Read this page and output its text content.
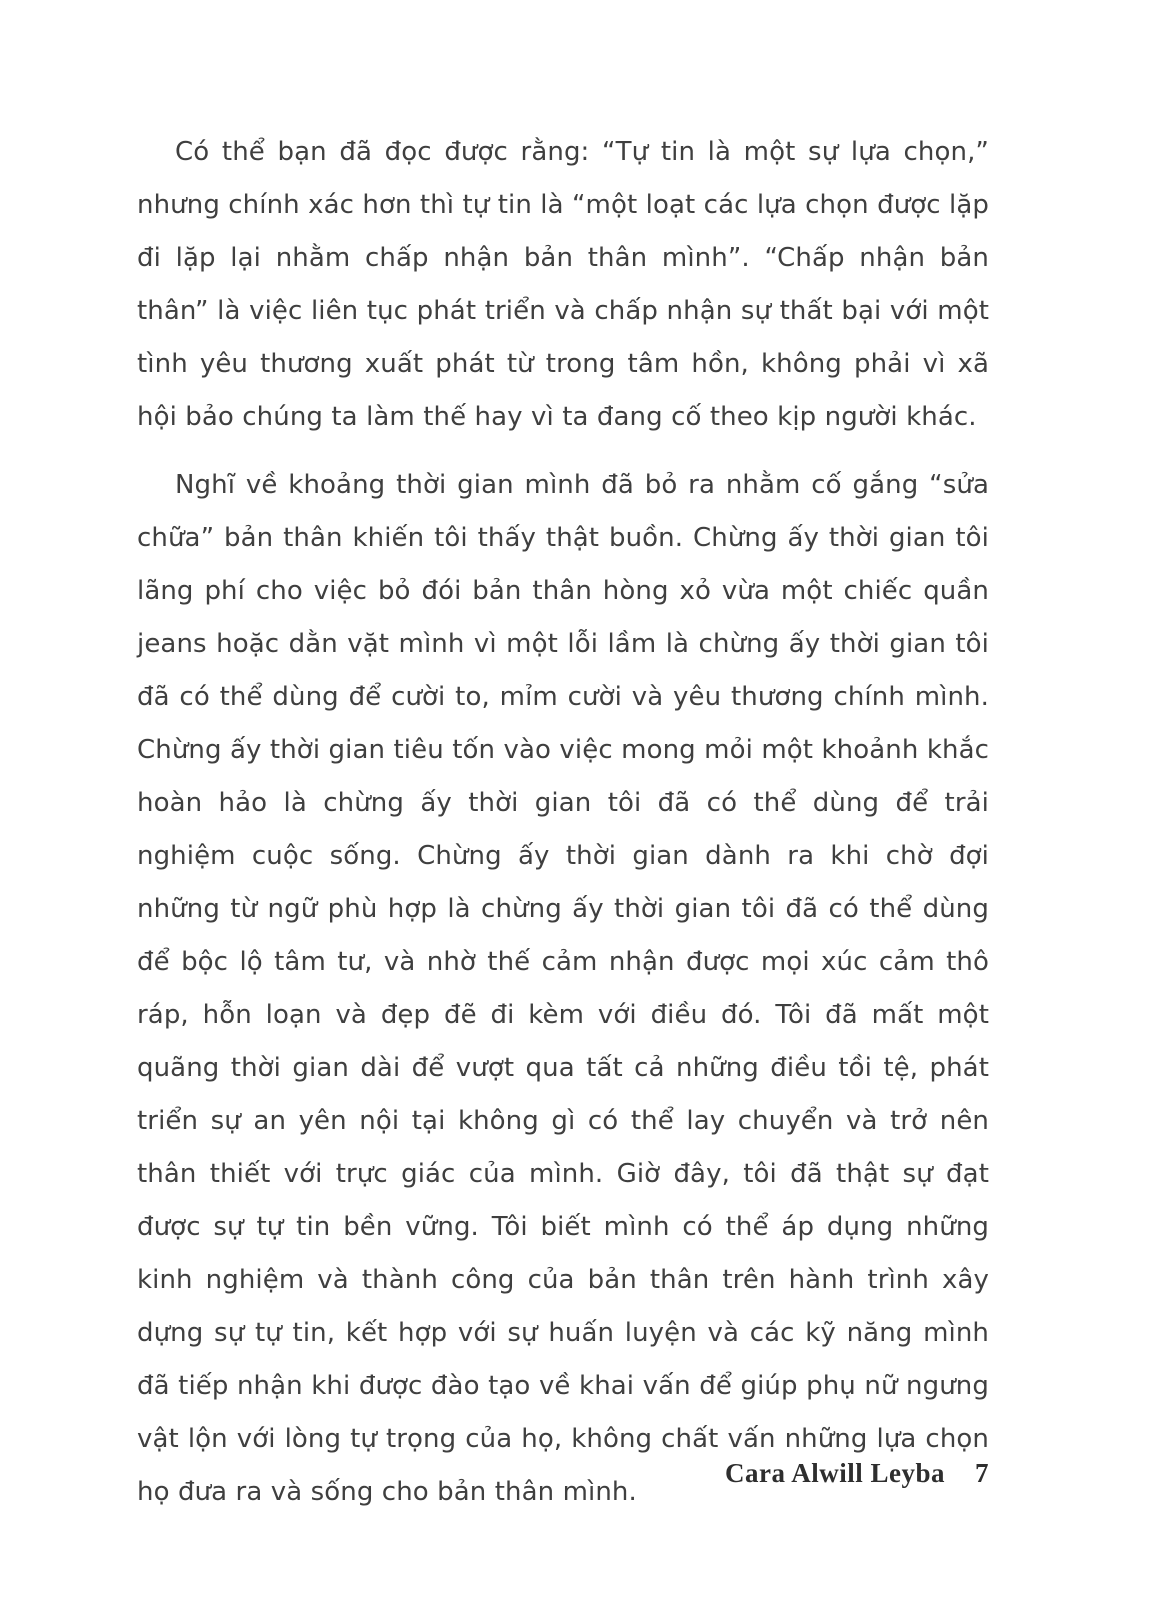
Có thể bạn đã đọc được rằng: “Tự tin là một sự lựa chọn,” nhưng chính xác hơn thì tự tin là “một loạt các lựa chọn được lặp đi lặp lại nhằm chấp nhận bản thân mình”. “Chấp nhận bản thân” là việc liên tục phát triển và chấp nhận sự thất bại với một tình yêu thương xuất phát từ trong tâm hồn, không phải vì xã hội bảo chúng ta làm thế hay vì ta đang cố theo kịp người khác.

Nghĩ về khoảng thời gian mình đã bỏ ra nhằm cố gắng “sửa chữa” bản thân khiến tôi thấy thật buồn. Chừng ấy thời gian tôi lãng phí cho việc bỏ đói bản thân hòng xỏ vừa một chiếc quần jeans hoặc dằn vặt mình vì một lỗi lầm là chừng ấy thời gian tôi đã có thể dùng để cười to, mỉm cười và yêu thương chính mình. Chừng ấy thời gian tiêu tốn vào việc mong mỏi một khoảnh khắc hoàn hảo là chừng ấy thời gian tôi đã có thể dùng để trải nghiệm cuộc sống. Chừng ấy thời gian dành ra khi chờ đợi những từ ngữ phù hợp là chừng ấy thời gian tôi đã có thể dùng để bộc lộ tâm tư, và nhờ thế cảm nhận được mọi xúc cảm thô ráp, hỗn loạn và đẹp đẽ đi kèm với điều đó. Tôi đã mất một quãng thời gian dài để vượt qua tất cả những điều tồi tệ, phát triển sự an yên nội tại không gì có thể lay chuyển và trở nên thân thiết với trực giác của mình. Giờ đây, tôi đã thật sự đạt được sự tự tin bền vững. Tôi biết mình có thể áp dụng những kinh nghiệm và thành công của bản thân trên hành trình xây dựng sự tự tin, kết hợp với sự huấn luyện và các kỹ năng mình đã tiếp nhận khi được đào tạo về khai vấn để giúp phụ nữ ngưng vật lộn với lòng tự trọng của họ, không chất vấn những lựa chọn họ đưa ra và sống cho bản thân mình.

Cara Alwill Leyba 7
